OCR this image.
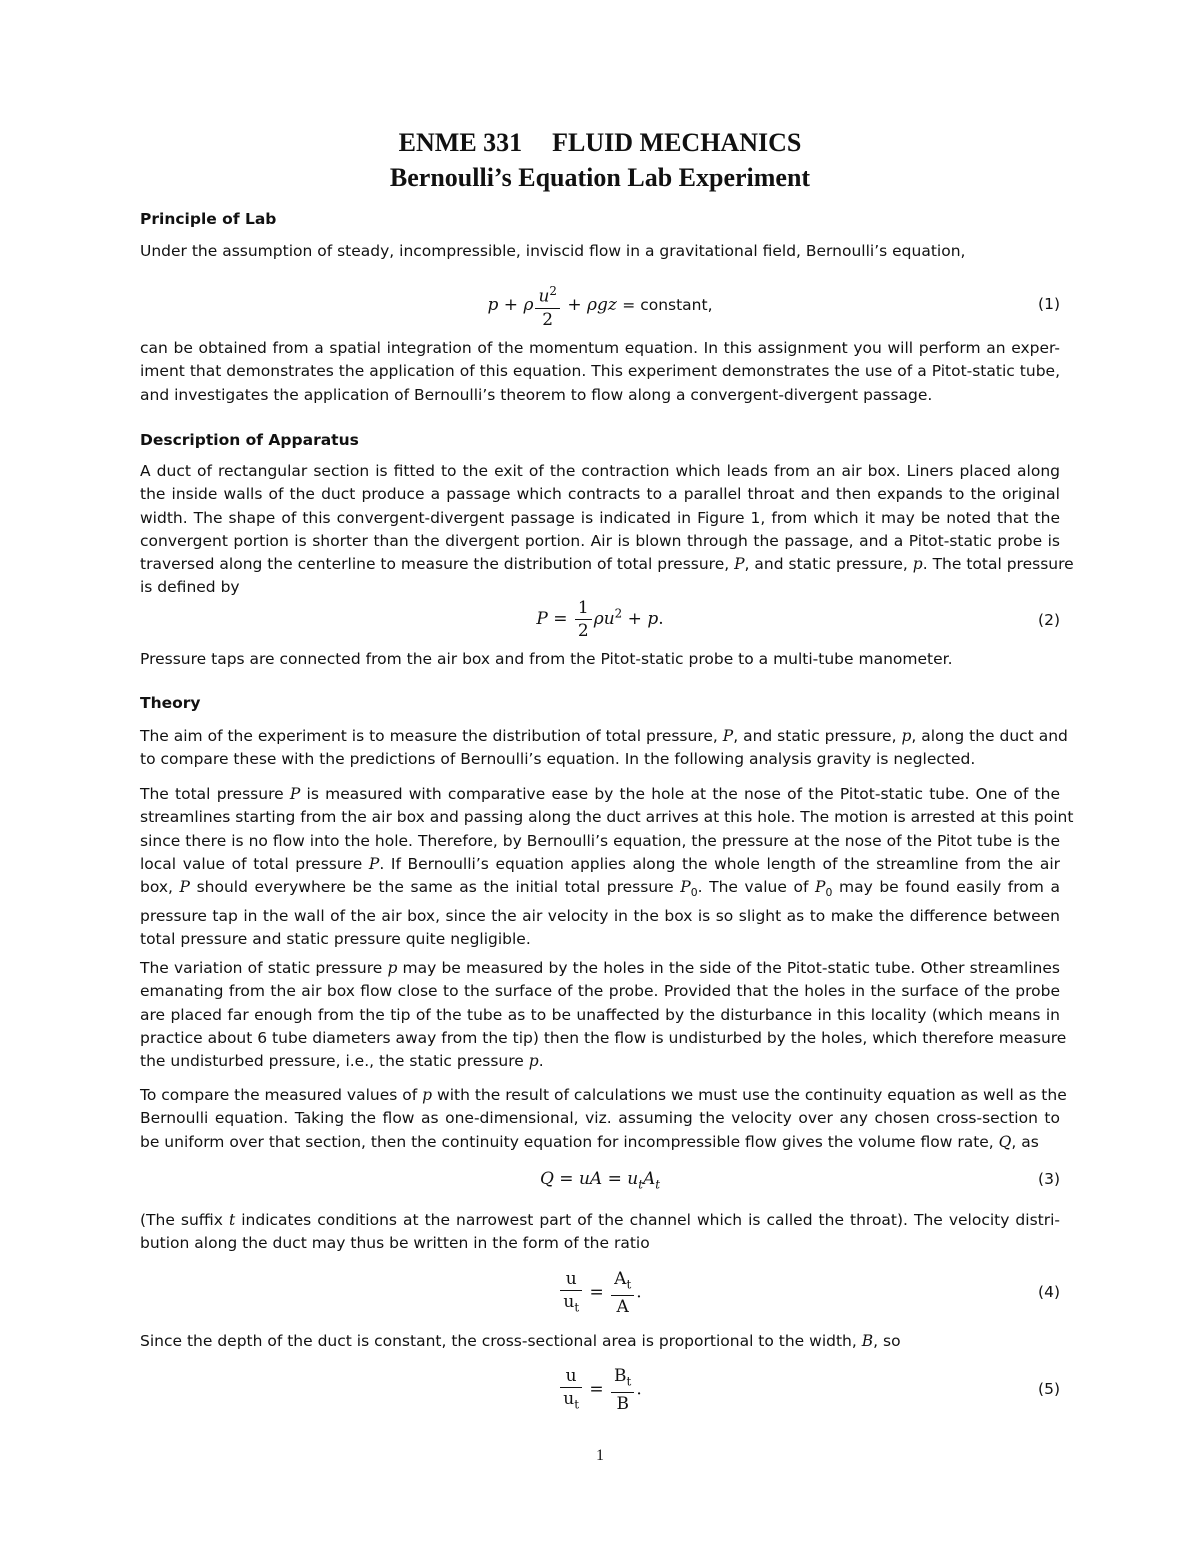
ENME 331 FLUID MECHANICS
Bernoulli’s Equation Lab Experiment
Principle of Lab
Under the assumption of steady, incompressible, inviscid flow in a gravitational field, Bernoulli’s equation,
p + ρ $\frac{u^2}{2} + \rho gz$ = constant,	(1)
can be obtained from a spatial integration of the momentum equation. In this assignment you will perform an exper-
iment that demonstrates the application of this equation. This experiment demonstrates the use of a Pitot-static tube,
and investigates the application of Bernoulli’s theorem to flow along a convergent-divergent passage.
Description of Apparatus
A duct of rectangular section is fitted to the exit of the contraction which leads from an air box. Liners placed along
the inside walls of the duct produce a passage which contracts to a parallel throat and then expands to the original
width. The shape of this convergent-divergent passage is indicated in Figure 1, from which it may be noted that the
convergent portion is shorter than the divergent portion. Air is blown through the passage, and a Pitot-static probe is
traversed along the centerline to measure the distribution of total pressure, P, and static pressure, p. The total pressure
is defined by
$P = \frac{1}{2} \rho u^2 + p$.	(2)
Pressure taps are connected from the air box and from the Pitot-static probe to a multi-tube manometer.
Theory
The aim of the experiment is to measure the distribution of total pressure, P, and static pressure, p, along the duct and
to compare these with the predictions of Bernoulli’s equation. In the following analysis gravity is neglected.
The total pressure P is measured with comparative ease by the hole at the nose of the Pitot-static tube. One of the
streamlines starting from the air box and passing along the duct arrives at this hole. The motion is arrested at this point
since there is no flow into the hole. Therefore, by Bernoulli’s equation, the pressure at the nose of the Pitot tube is the
local value of total pressure P. If Bernoulli’s equation applies along the whole length of the streamline from the air
box, P should everywhere be the same as the initial total pressure $P_0$. The value of $P_0$ may be found easily from a
pressure tap in the wall of the air box, since the air velocity in the box is so slight as to make the difference between
total pressure and static pressure quite negligible.
The variation of static pressure p may be measured by the holes in the side of the Pitot-static tube. Other streamlines
emanating from the air box flow close to the surface of the probe. Provided that the holes in the surface of the probe
are placed far enough from the tip of the tube as to be unaffected by the disturbance in this locality (which means in
practice about 6 tube diameters away from the tip) then the flow is undisturbed by the holes, which therefore measure
the undisturbed pressure, i.e., the static pressure p.
To compare the measured values of p with the result of calculations we must use the continuity equation as well as the
Bernoulli equation. Taking the flow as one-dimensional, viz. assuming the velocity over any chosen cross-section to
be uniform over that section, then the continuity equation for incompressible flow gives the volume flow rate, Q, as
Q = uA = $u_tA_t$	(3)
(The suffix t indicates conditions at the narrowest part of the channel which is called the throat). The velocity distri-
bution along the duct may thus be written in the form of the ratio
$\frac{u}{u_t} = \frac{A_t}{A}$ .	(4)
Since the depth of the duct is constant, the cross-sectional area is proportional to the width, B, so
$\frac{u}{u_t} = \frac{B_t}{B}$ .	(5)
1
